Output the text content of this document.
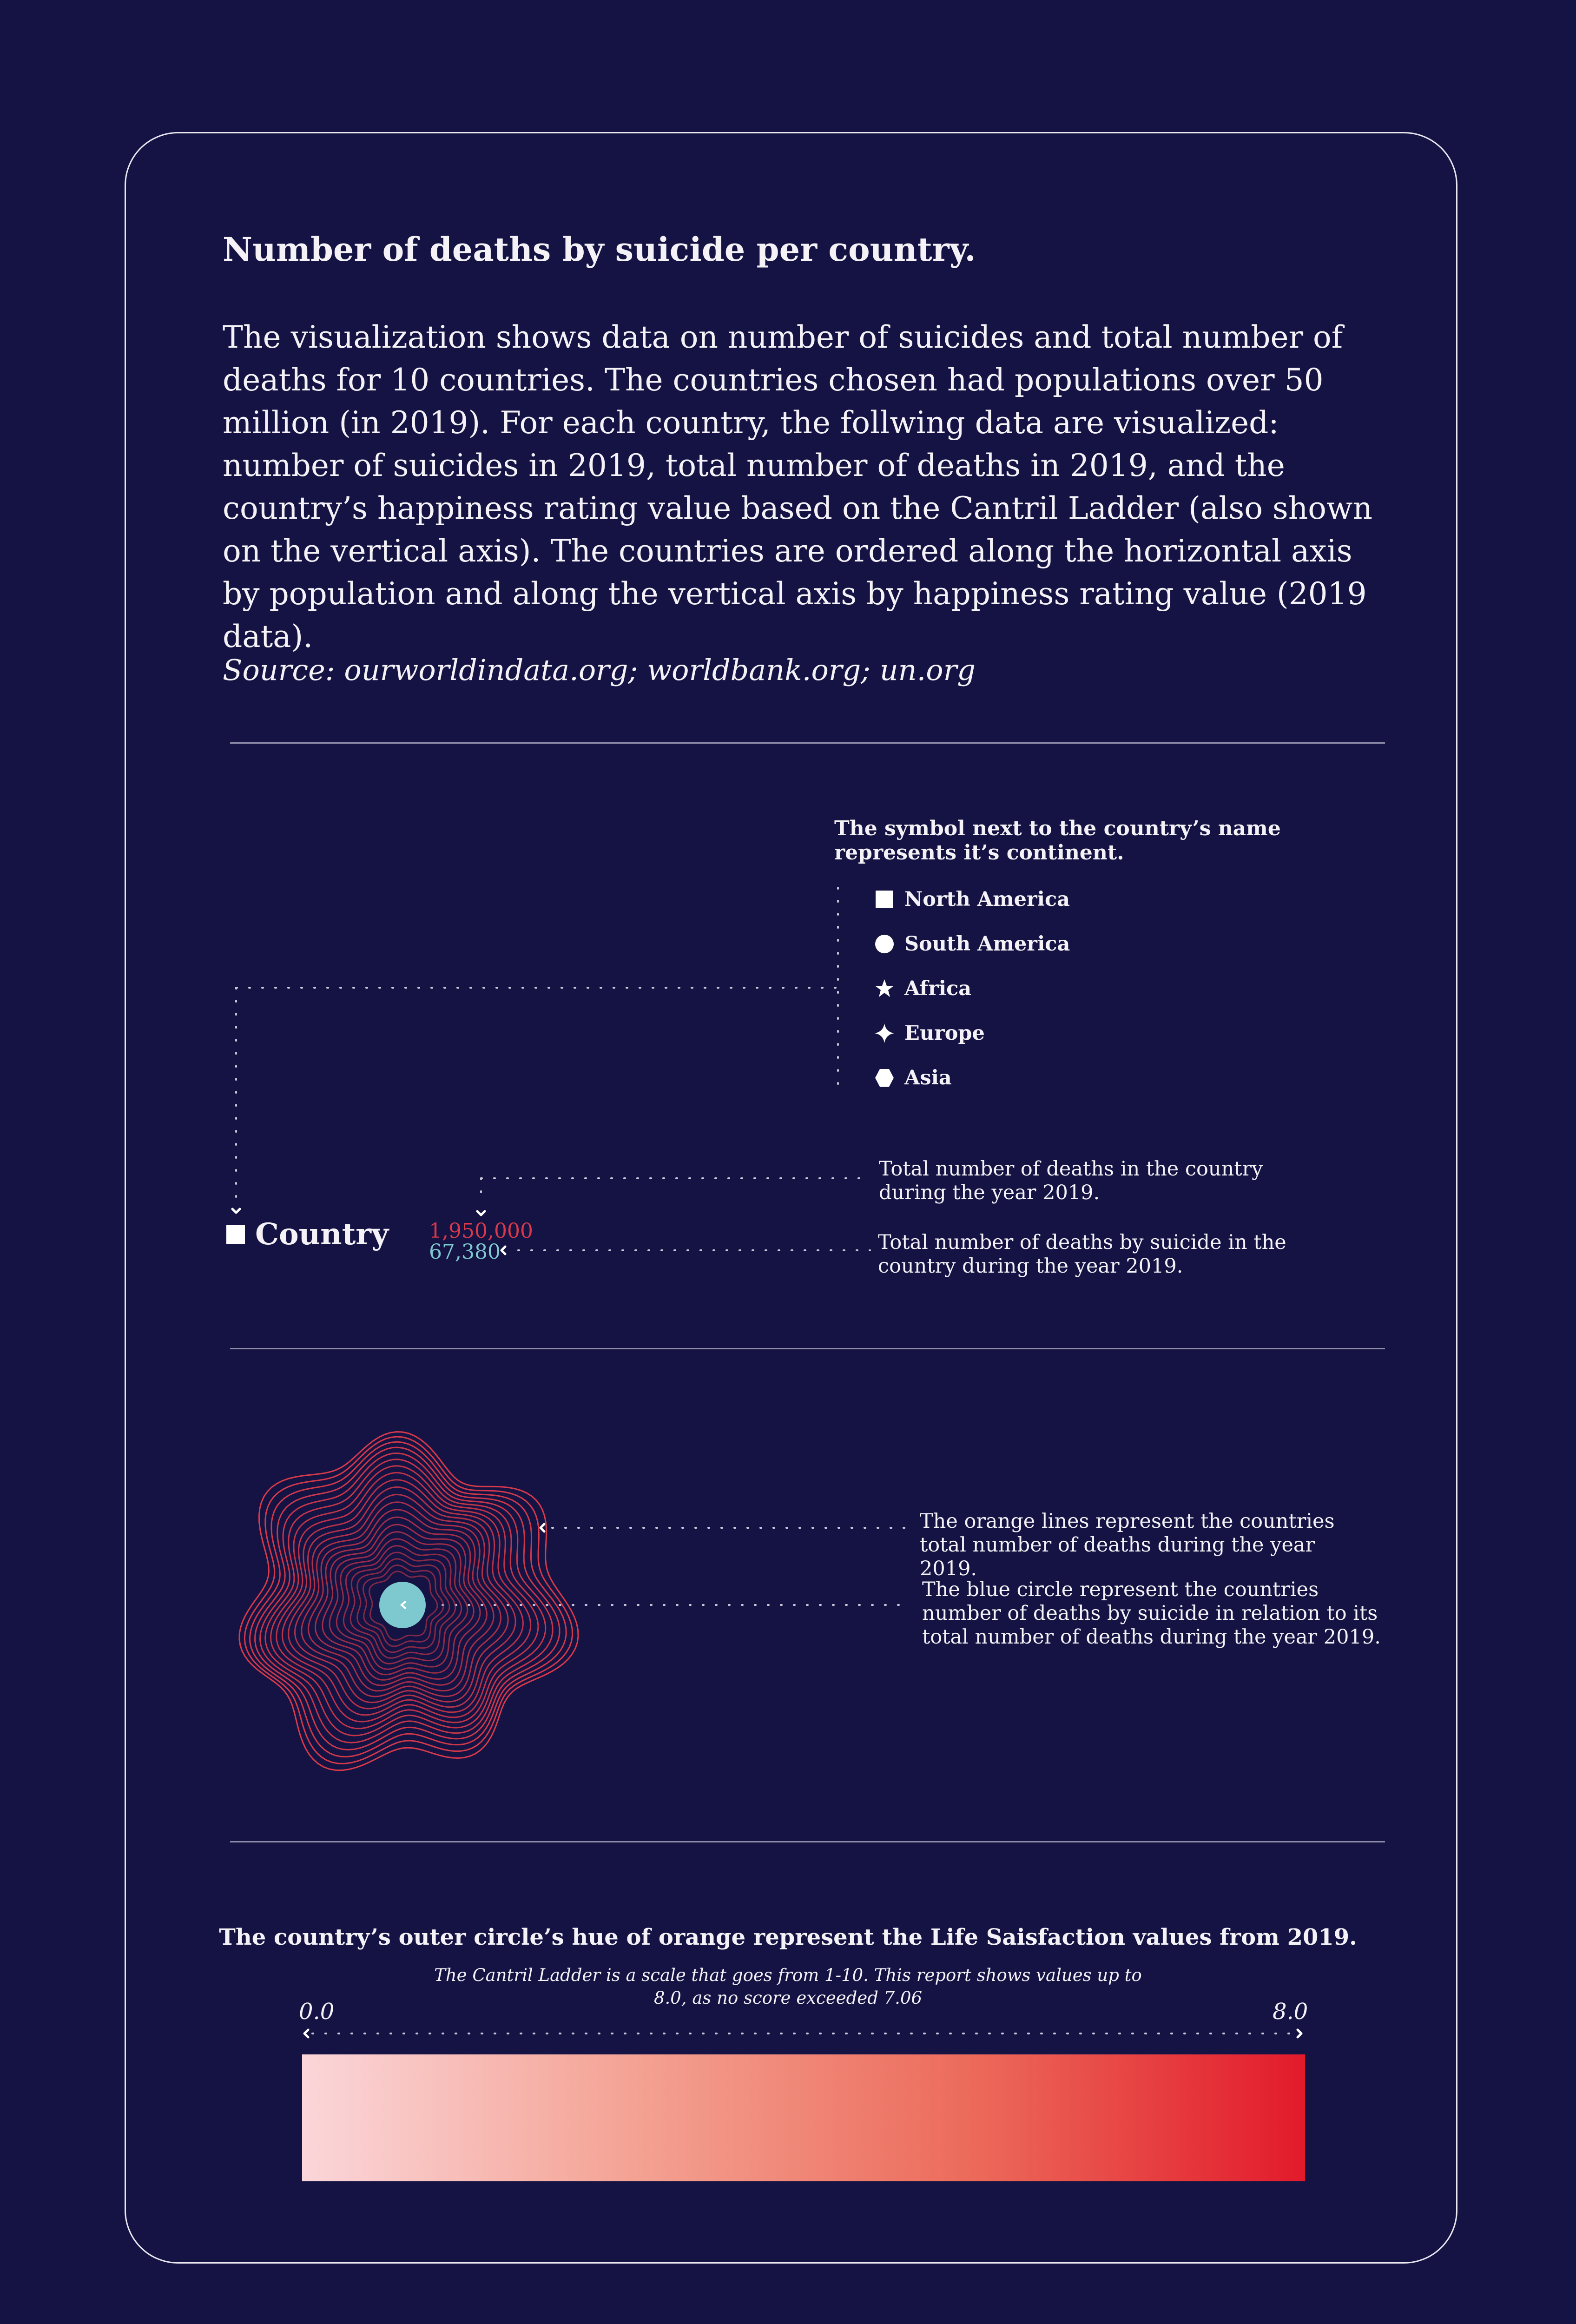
Number of deaths by suicide per country.
The visualization shows data on number of suicides and total number of deaths for 10 countries. The countries chosen had populations over 50 million (in 2019). For each country, the follwing data are visualized: number of suicides in 2019, total number of deaths in 2019, and the country’s happiness rating value based on the Cantril Ladder (also shown on the vertical axis). The countries are ordered along the horizontal axis by population and along the vertical axis by happiness rating value (2019 data).
Source: ourworldindata.org; worldbank.org; un.org
The symbol next to the country’s name represents it’s continent.
North America
South America
Africa
Europe
Asia
Country 1,950,000
67,380
Total number of deaths in the country during the year 2019.
Total number of deaths by suicide in the country during the year 2019.
The orange lines represent the countries total number of deaths during the year 2019.
The blue circle represent the countries number of deaths by suicide in relation to its total number of deaths during the year 2019.
The country’s outer circle’s hue of orange represent the Life Saisfaction values from 2019.
The Cantril Ladder is a scale that goes from 1-10. This report shows values up to 8.0, as no score exceeded 7.06
0.0	8.0
